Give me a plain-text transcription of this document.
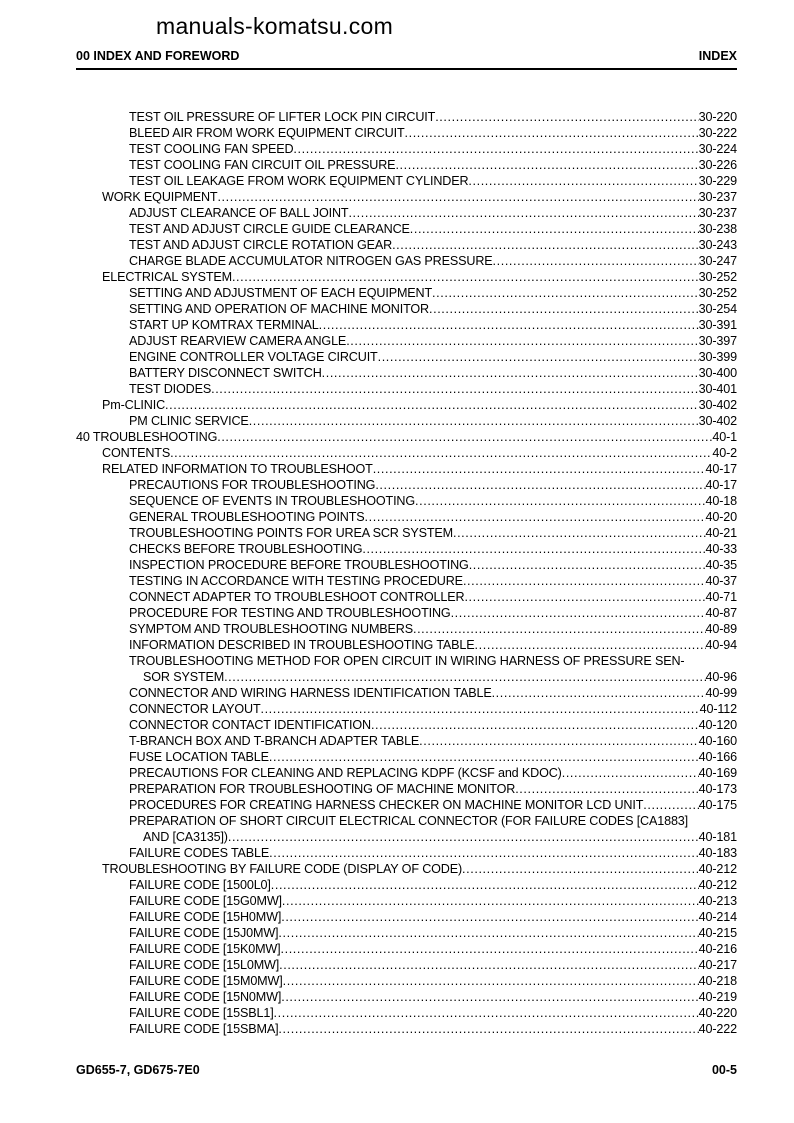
manuals-komatsu.com
00 INDEX AND FOREWORD	INDEX
TEST OIL PRESSURE OF LIFTER LOCK PIN CIRCUIT .....	30-220
BLEED AIR FROM WORK EQUIPMENT CIRCUIT .....	30-222
TEST COOLING FAN SPEED .....	30-224
TEST COOLING FAN CIRCUIT OIL PRESSURE .....	30-226
TEST OIL LEAKAGE FROM WORK EQUIPMENT CYLINDER .....	30-229
WORK EQUIPMENT .....	30-237
ADJUST CLEARANCE OF BALL JOINT .....	30-237
TEST AND ADJUST CIRCLE GUIDE CLEARANCE .....	30-238
TEST AND ADJUST CIRCLE ROTATION GEAR .....	30-243
CHARGE BLADE ACCUMULATOR NITROGEN GAS PRESSURE .....	30-247
ELECTRICAL SYSTEM .....	30-252
SETTING AND ADJUSTMENT OF EACH EQUIPMENT .....	30-252
SETTING AND OPERATION OF MACHINE MONITOR .....	30-254
START UP KOMTRAX TERMINAL .....	30-391
ADJUST REARVIEW CAMERA ANGLE .....	30-397
ENGINE CONTROLLER VOLTAGE CIRCUIT .....	30-399
BATTERY DISCONNECT SWITCH .....	30-400
TEST DIODES .....	30-401
Pm-CLINIC .....	30-402
PM CLINIC SERVICE .....	30-402
40 TROUBLESHOOTING .....	40-1
CONTENTS .....	40-2
RELATED INFORMATION TO TROUBLESHOOT .....	40-17
PRECAUTIONS FOR TROUBLESHOOTING .....	40-17
SEQUENCE OF EVENTS IN TROUBLESHOOTING .....	40-18
GENERAL TROUBLESHOOTING POINTS .....	40-20
TROUBLESHOOTING POINTS FOR UREA SCR SYSTEM .....	40-21
CHECKS BEFORE TROUBLESHOOTING .....	40-33
INSPECTION PROCEDURE BEFORE TROUBLESHOOTING .....	40-35
TESTING IN ACCORDANCE WITH TESTING PROCEDURE .....	40-37
CONNECT ADAPTER TO TROUBLESHOOT CONTROLLER .....	40-71
PROCEDURE FOR TESTING AND TROUBLESHOOTING .....	40-87
SYMPTOM AND TROUBLESHOOTING NUMBERS .....	40-89
INFORMATION DESCRIBED IN TROUBLESHOOTING TABLE .....	40-94
TROUBLESHOOTING METHOD FOR OPEN CIRCUIT IN WIRING HARNESS OF PRESSURE SEN-
SOR SYSTEM .....	40-96
CONNECTOR AND WIRING HARNESS IDENTIFICATION TABLE .....	40-99
CONNECTOR LAYOUT .....	40-112
CONNECTOR CONTACT IDENTIFICATION .....	40-120
T-BRANCH BOX AND T-BRANCH ADAPTER TABLE .....	40-160
FUSE LOCATION TABLE .....	40-166
PRECAUTIONS FOR CLEANING AND REPLACING KDPF (KCSF and KDOC) .....	40-169
PREPARATION FOR TROUBLESHOOTING OF MACHINE MONITOR .....	40-173
PROCEDURES FOR CREATING HARNESS CHECKER ON MACHINE MONITOR LCD UNIT .....	40-175
PREPARATION OF SHORT CIRCUIT ELECTRICAL CONNECTOR (FOR FAILURE CODES [CA1883]
AND [CA3135]) .....	40-181
FAILURE CODES TABLE .....	40-183
TROUBLESHOOTING BY FAILURE CODE (DISPLAY OF CODE) .....	40-212
FAILURE CODE [1500L0] .....	40-212
FAILURE CODE [15G0MW] .....	40-213
FAILURE CODE [15H0MW] .....	40-214
FAILURE CODE [15J0MW] .....	40-215
FAILURE CODE [15K0MW] .....	40-216
FAILURE CODE [15L0MW] .....	40-217
FAILURE CODE [15M0MW] .....	40-218
FAILURE CODE [15N0MW] .....	40-219
FAILURE CODE [15SBL1] .....	40-220
FAILURE CODE [15SBMA] .....	40-222
GD655-7, GD675-7E0	00-5
